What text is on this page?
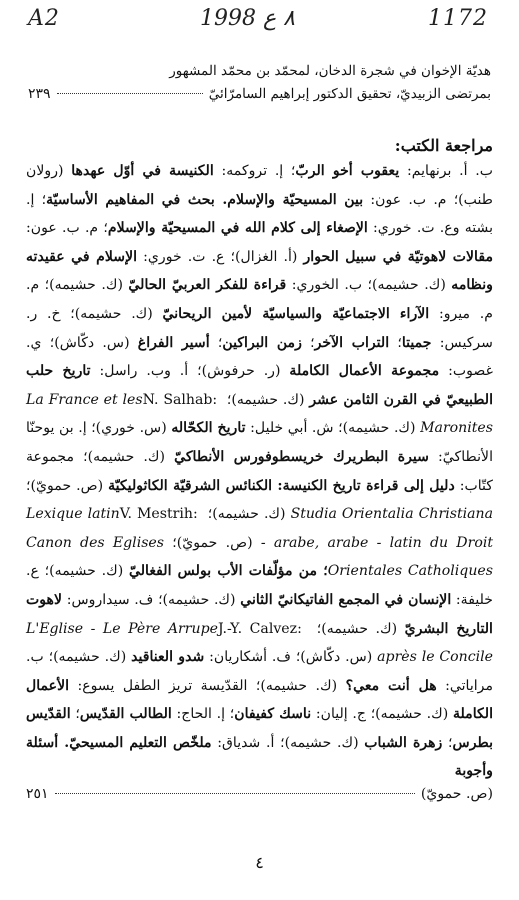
A2	٨ ع 1998	1172
هديّة الإخوان في شجرة الدخان، لمحمّد بن محمّد المشهور
بمرتضى الزبيديّ، تحقيق الدكتور إبراهيم السامرّائيّ
٢٣٩
مراجعة الكتب:
ب. أ. برنهايم: يعقوب أخو الربّ؛ إ. تروكمه: الكنيسة في أوّل عهدها (رولان طنب)؛ م. ب. عون: بين المسيحيّة والإسلام. بحث في المفاهيم الأساسيّة؛ إ. بشته وع. ت. خوري: الإصغاء إلى كلام الله في المسيحيّة والإسلام؛ م. ب. عون: مقالات لاهوتيّة في سبيل الحوار (أ. الغزال)؛ ع. ت. خوري: الإسلام في عقيدته ونظامه (ك. حشيمه)؛ ب. الخوري: قراءة للفكر العربيّ الحاليّ (ك. حشيمه)؛ م. م. ميرو: الآراء الاجتماعيّة والسياسيّة لأمين الريحانيّ (ك. حشيمه)؛ خ. ر. سركيس: جميتا؛ التراب الآخر؛ زمن البراكين؛ أسير الفراغ (س. دكّاش)؛ ي. غصوب: مجموعة الأعمال الكاملة (ر. حرفوش)؛ أ. وب. راسل: تاريخ حلب الطبيعيّ في القرن الثامن عشر (ك. حشيمه)؛ N. Salhab: La France et les Maronites (ك. حشيمه)؛ ش. أبي خليل: تاريخ الكحّاله (س. خوري)؛ إ. بن يوحنّا الأنطاكيّ: سيرة البطريرك خريسطوفورس الأنطاكيّ (ك. حشيمه)؛ مجموعة كتّاب: دليل إلى قراءة تاريخ الكنيسة: الكنائس الشرقيّة الكاثوليكيّة (ص. حمويّ)؛ Studia Orientalia Christiana (ك. حشيمه)؛ V. Mestrih: Lexique latin - arabe, arabe - latin du Droit (ص. حمويّ)؛ Canon des Eglises Orientales Catholiques؛ من مؤلّفات الأب بولس الفغاليّ (ك. حشيمه)؛ ع. خليفة: الإنسان في المجمع الفاتيكانيّ الثاني (ك. حشيمه)؛ ف. سيداروس: لاهوت التاريخ البشريّ (ك. حشيمه)؛ J.-Y. Calvez: Le Père Arrupe - L'Eglise après le Concile (س. دكّاش)؛ ف. أشكاريان: شدو العناقيد (ك. حشيمه)؛ ب. مراياتي: هل أنت معي؟ (ك. حشيمه)؛ القدّيسة تريز الطفل يسوع: الأعمال الكاملة (ك. حشيمه)؛ ج. إليان: ناسك كفيفان؛ إ. الحاج: الطالب القدّيس؛ القدّيس بطرس؛ زهرة الشباب (ك. حشيمه)؛ أ. شدياق: ملخّص التعليم المسيحيّ. أسئلة وأجوبة
(ص. حمويّ)
٢٥١
٤
